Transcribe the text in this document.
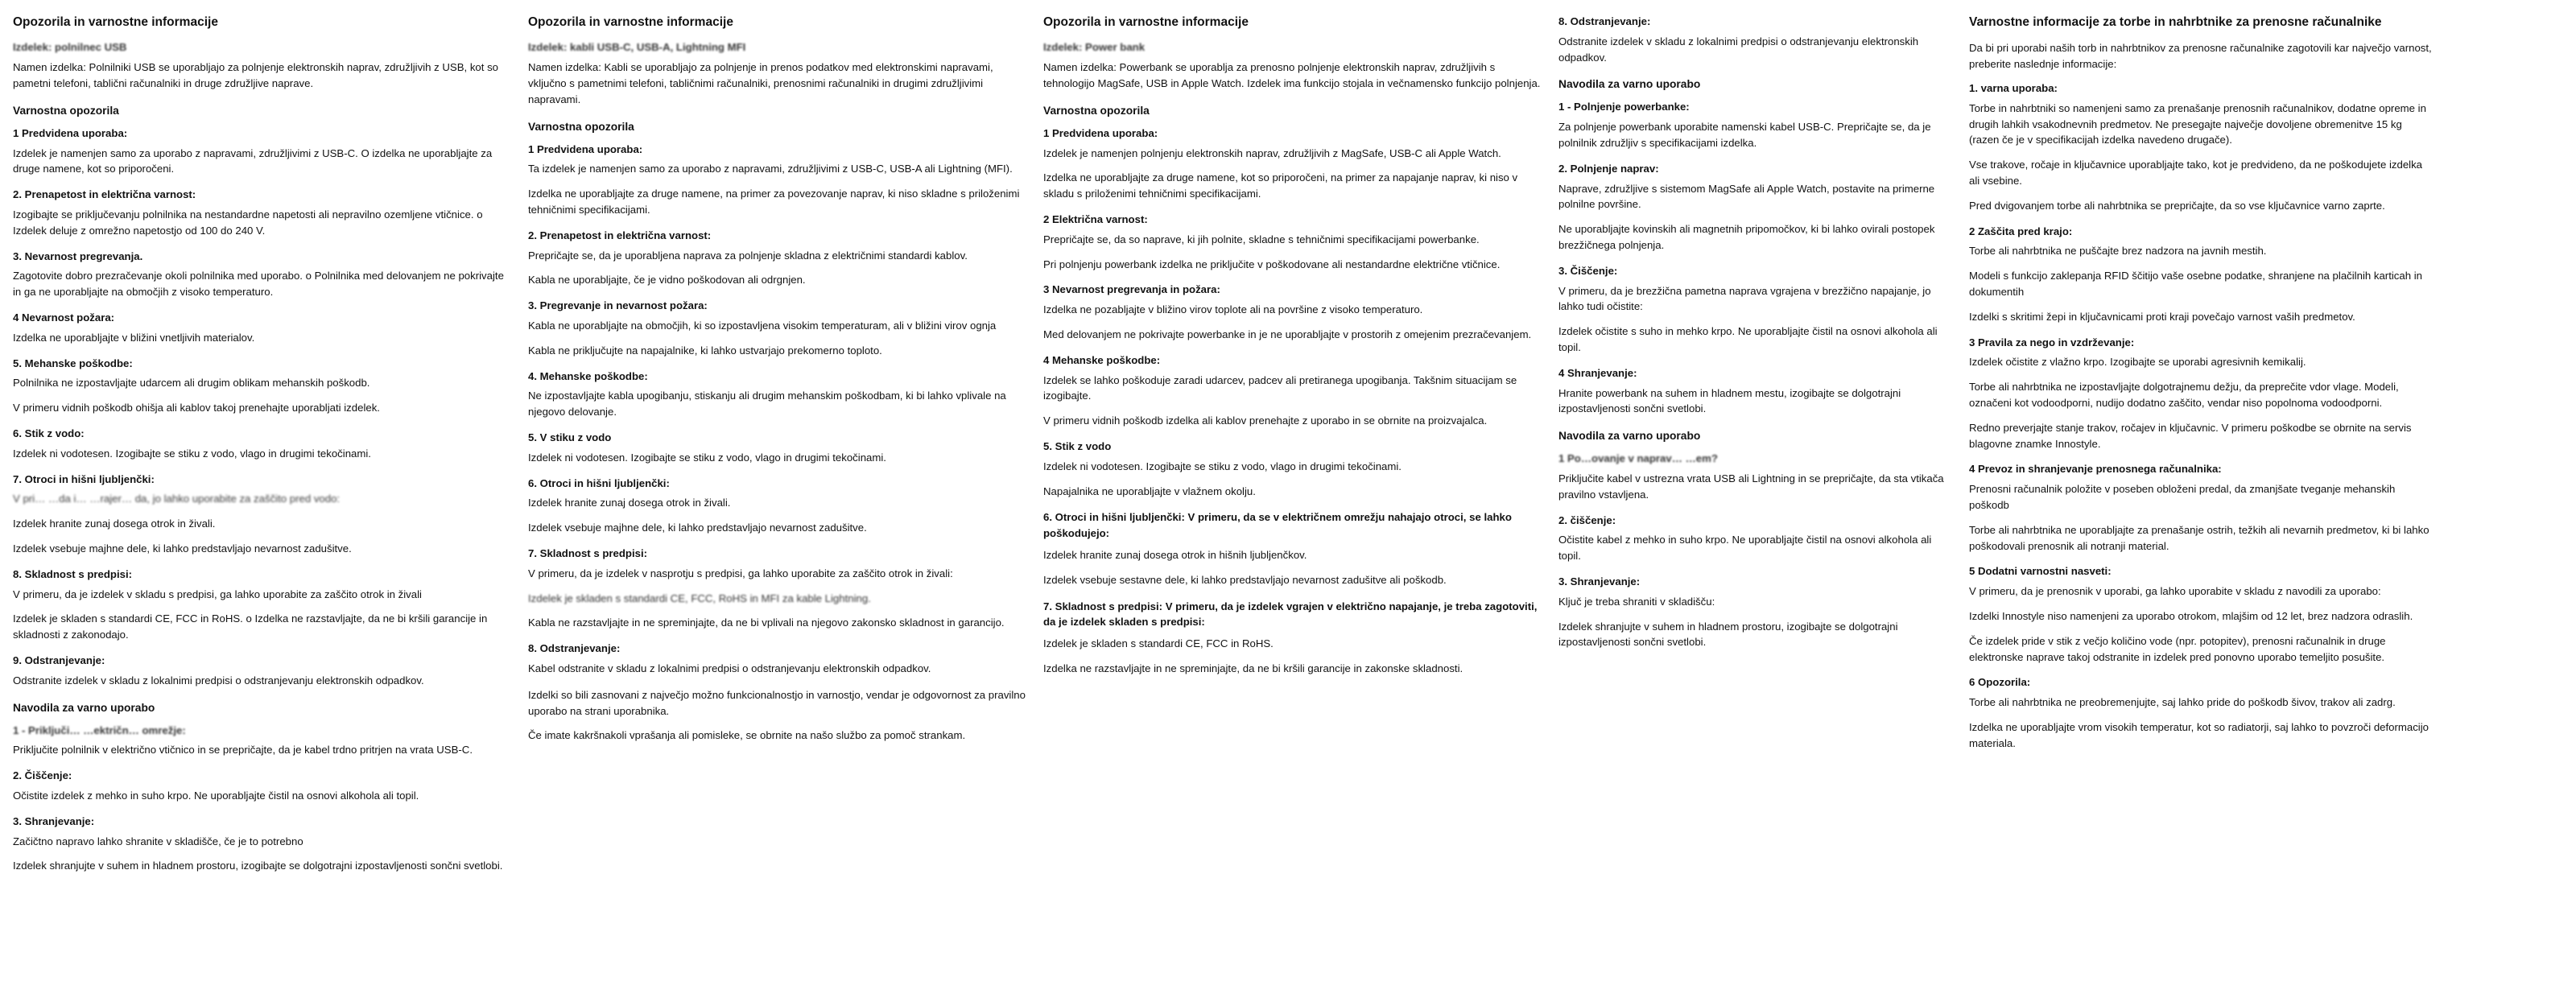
Opozorila in varnostne informacije
Izdelek: polnilnec USB

Namen izdelka: Polnilniki USB se uporabljajo za polnjenje elektronskih naprav, združljivih z USB, kot so pametni telefoni, tablični računalniki in druge združljive naprave.

Varnostna opozorila
1 Predvidena uporaba:

Izdelek je namenjen samo za uporabo z napravami, združljivimi z USB-C. O izdelka ne uporabljajte za druge namene, kot so priporočeni.

2. Prenapetost in električna varnost:

Izogibajte se priključevanju polnilnika na nestandardne napetosti ali nepravilno ozemljene vtičnice. o Izdelek deluje z omrežno napetostjo od 100 do 240 V.

3. Nevarnost pregrevanja.

Zagotovite dobro prezračevanje okoli polnilnika med uporabo. o Polnilnika med delovanjem ne pokrivajte in ga ne uporabljajte na območjih z visoko temperaturo.

4 Nevarnost požara:

Izdelka ne uporabljajte v bližini vnetljivih materialov.

5. Mehanske poškodbe:

Polnilnika ne izpostavljajte udarcem ali drugim oblikam mehanskih poškodb.

V primeru vidnih poškodb ohišja ali kablov takoj prenehajte uporabljati izdelek.

6. Stik z vodo:

Izdelek ni vodotesen. Izogibajte se stiku z vodo, vlago in drugimi tekočinami.

7. Otroci in hišni ljubljenčki:

V pri… …da i… …rajer… da, jo lahko uporabite za zaščito pred vodo:

Izdelek hranite zunaj dosega otrok in živali.

Izdelek vsebuje majhne dele, ki lahko predstavljajo nevarnost zadušitve.

8. Skladnost s predpisi:

V primeru, da je izdelek v skladu s predpisi, ga lahko uporabite za zaščito otrok in živali

Izdelek je skladen s standardi CE, FCC in RoHS. o Izdelka ne razstavljajte, da ne bi kršili garancije in skladnosti z zakonodajo.

9. Odstranjevanje:

Odstranite izdelek v skladu z lokalnimi predpisi o odstranjevanju elektronskih odpadkov.

Navodila za varno uporabo
1 - Priključi… …ektričn… omrežje:

Priključite polnilnik v električno vtičnico in se prepričajte, da je kabel trdno pritrjen na vrata USB-C.

2. Čiščenje:

Očistite izdelek z mehko in suho krpo. Ne uporabljajte čistil na osnovi alkohola ali topil.

3. Shranjevanje:

Začičtno napravo lahko shranite v skladišče, če je to potrebno

Izdelek shranjujte v suhem in hladnem prostoru, izogibajte se dolgotrajni izpostavljenosti sončni svetlobi.

Opozorila in varnostne informacije
Izdelek: kabli USB-C, USB-A, Lightning MFI

Namen izdelka: Kabli se uporabljajo za polnjenje in prenos podatkov med elektronskimi napravami, vključno s pametnimi telefoni, tabličnimi računalniki, prenosnimi računalniki in drugimi združljivimi napravami.

Varnostna opozorila
1 Predvidena uporaba:

Ta izdelek je namenjen samo za uporabo z napravami, združljivimi z USB-C, USB-A ali Lightning (MFI).

Izdelka ne uporabljajte za druge namene, na primer za povezovanje naprav, ki niso skladne s priloženimi tehničnimi specifikacijami.

2. Prenapetost in električna varnost:

Prepričajte se, da je uporabljena naprava za polnjenje skladna z električnimi standardi kablov.

Kabla ne uporabljajte, če je vidno poškodovan ali odrgnjen.

3. Pregrevanje in nevarnost požara:

Kabla ne uporabljajte na območjih, ki so izpostavljena visokim temperaturam, ali v bližini virov ognja

Kabla ne priključujte na napajalnike, ki lahko ustvarjajo prekomerno toploto.

4. Mehanske poškodbe:

Ne izpostavljajte kabla upogibanju, stiskanju ali drugim mehanskim poškodbam, ki bi lahko vplivale na njegovo delovanje.

5. V stiku z vodo

Izdelek ni vodotesen. Izogibajte se stiku z vodo, vlago in drugimi tekočinami.

6. Otroci in hišni ljubljenčki:

Izdelek hranite zunaj dosega otrok in živali.

Izdelek vsebuje majhne dele, ki lahko predstavljajo nevarnost zadušitve.

7. Skladnost s predpisi:

V primeru, da je izdelek v nasprotju s predpisi, ga lahko uporabite za zaščito otrok in živali:

Izdelek je skladen s standardi CE, FCC, RoHS in MFI za kable Lightning.

Kabla ne razstavljajte in ne spreminjajte, da ne bi vplivali na njegovo zakonsko skladnost in garancijo.

8. Odstranjevanje:

Kabel odstranite v skladu z lokalnimi predpisi o odstranjevanju elektronskih odpadkov.

Izdelki so bili zasnovani z največjo možno funkcionalnostjo in varnostjo, vendar je odgovornost za pravilno uporabo na strani uporabnika.

Če imate kakršnakoli vprašanja ali pomisleke, se obrnite na našo službo za pomoč strankam.

Opozorila in varnostne informacije
Izdelek: Power bank

Namen izdelka: Powerbank se uporablja za prenosno polnjenje elektronskih naprav, združljivih s tehnologijo MagSafe, USB in Apple Watch. Izdelek ima funkcijo stojala in večnamensko funkcijo polnjenja.

Varnostna opozorila
1 Predvidena uporaba:

Izdelek je namenjen polnjenju elektronskih naprav, združljivih z MagSafe, USB-C ali Apple Watch.

Izdelka ne uporabljajte za druge namene, kot so priporočeni, na primer za napajanje naprav, ki niso v skladu s priloženimi tehničnimi specifikacijami.

2 Električna varnost:

Prepričajte se, da so naprave, ki jih polnite, skladne s tehničnimi specifikacijami powerbanke.

Pri polnjenju powerbank izdelka ne priključite v poškodovane ali nestandardne električne vtičnice.

3 Nevarnost pregrevanja in požara:

Izdelka ne pozabljajte v bližino virov toplote ali na površine z visoko temperaturo.

Med delovanjem ne pokrivajte powerbanke in je ne uporabljajte v prostorih z omejenim prezračevanjem.

4 Mehanske poškodbe:

Izdelek se lahko poškoduje zaradi udarcev, padcev ali pretiranega upogibanja. Takšnim situacijam se izogibajte.

V primeru vidnih poškodb izdelka ali kablov prenehajte z uporabo in se obrnite na proizvajalca.

5. Stik z vodo

Izdelek ni vodotesen. Izogibajte se stiku z vodo, vlago in drugimi tekočinami.

Napajalnika ne uporabljajte v vlažnem okolju.

6. Otroci in hišni ljubljenčki: V primeru, da se v električnem omrežju nahajajo otroci, se lahko poškodujejo:

Izdelek hranite zunaj dosega otrok in hišnih ljubljenčkov.

Izdelek vsebuje sestavne dele, ki lahko predstavljajo nevarnost zadušitve ali poškodb.

7. Skladnost s predpisi: V primeru, da je izdelek vgrajen v električno napajanje, je treba zagotoviti, da je izdelek skladen s predpisi:

Izdelek je skladen s standardi CE, FCC in RoHS.

Izdelka ne razstavljajte in ne spreminjajte, da ne bi kršili garancije in zakonske skladnosti.

8. Odstranjevanje:

Odstranite izdelek v skladu z lokalnimi predpisi o odstranjevanju elektronskih odpadkov.

Navodila za varno uporabo
1 - Polnjenje powerbanke:

Za polnjenje powerbank uporabite namenski kabel USB-C. Prepričajte se, da je polnilnik združljiv s specifikacijami izdelka.

2. Polnjenje naprav:

Naprave, združljive s sistemom MagSafe ali Apple Watch, postavite na primerne polnilne površine.

Ne uporabljajte kovinskih ali magnetnih pripomočkov, ki bi lahko ovirali postopek brezžičnega polnjenja.

3. Čiščenje:

V primeru, da je brezžična pametna naprava vgrajena v brezžično napajanje, jo lahko tudi očistite:

Izdelek očistite s suho in mehko krpo. Ne uporabljajte čistil na osnovi alkohola ali topil.

4 Shranjevanje:

Hranite powerbank na suhem in hladnem mestu, izogibajte se dolgotrajni izpostavljenosti sončni svetlobi.

Navodila za varno uporabo
1 Po…ovanje v naprav… …em?

Priključite kabel v ustrezna vrata USB ali Lightning in se prepričajte, da sta vtikača pravilno vstavljena.

2. čiščenje:

Očistite kabel z mehko in suho krpo. Ne uporabljajte čistil na osnovi alkohola ali topil.

3. Shranjevanje:

Ključ je treba shraniti v skladišču:

Izdelek shranjujte v suhem in hladnem prostoru, izogibajte se dolgotrajni izpostavljenosti sončni svetlobi.

Varnostne informacije za torbe in nahrbtnike za prenosne računalnike

Da bi pri uporabi naših torb in nahrbtnikov za prenosne računalnike zagotovili kar največjo varnost, preberite naslednje informacije:

1. varna uporaba:

Torbe in nahrbtniki so namenjeni samo za prenašanje prenosnih računalnikov, dodatne opreme in drugih lahkih vsakodnevnih predmetov. Ne presegajte največje dovoljene obremenitve 15 kg (razen če je v specifikacijah izdelka navedeno drugače).

Vse trakove, ročaje in ključavnice uporabljajte tako, kot je predvideno, da ne poškodujete izdelka ali vsebine.

Pred dvigovanjem torbe ali nahrbtnika se prepričajte, da so vse ključavnice varno zaprte.

2 Zaščita pred krajo:

Torbe ali nahrbtnika ne puščajte brez nadzora na javnih mestih.

Modeli s funkcijo zaklepanja RFID ščitijo vaše osebne podatke, shranjene na plačilnih karticah in dokumentih

Izdelki s skritimi žepi in ključavnicami proti kraji povečajo varnost vaših predmetov.

3 Pravila za nego in vzdrževanje:

Izdelek očistite z vlažno krpo. Izogibajte se uporabi agresivnih kemikalij.

Torbe ali nahrbtnika ne izpostavljajte dolgotrajnemu dežju, da preprečite vdor vlage. Modeli, označeni kot vodoodporni, nudijo dodatno zaščito, vendar niso popolnoma vodoodporni.

Redno preverjajte stanje trakov, ročajev in ključavnic. V primeru poškodbe se obrnite na servis blagovne znamke Innostyle.

4 Prevoz in shranjevanje prenosnega računalnika:

Prenosni računalnik položite v poseben obloženi predal, da zmanjšate tveganje mehanskih poškodb

Torbe ali nahrbtnika ne uporabljajte za prenašanje ostrih, težkih ali nevarnih predmetov, ki bi lahko poškodovali prenosnik ali notranji material.

5 Dodatni varnostni nasveti:

V primeru, da je prenosnik v uporabi, ga lahko uporabite v skladu z navodili za uporabo:

Izdelki Innostyle niso namenjeni za uporabo otrokom, mlajšim od 12 let, brez nadzora odraslih.

Če izdelek pride v stik z večjo količino vode (npr. potopitev), prenosni računalnik in druge elektronske naprave takoj odstranite in izdelek pred ponovno uporabo temeljito posušite.

6 Opozorila:

Torbe ali nahrbtnika ne preobremenjujte, saj lahko pride do poškodb šivov, trakov ali zadrg.

Izdelka ne uporabljajte vrom visokih temperatur, kot so radiatorji, saj lahko to povzroči deformacijo materiala.
